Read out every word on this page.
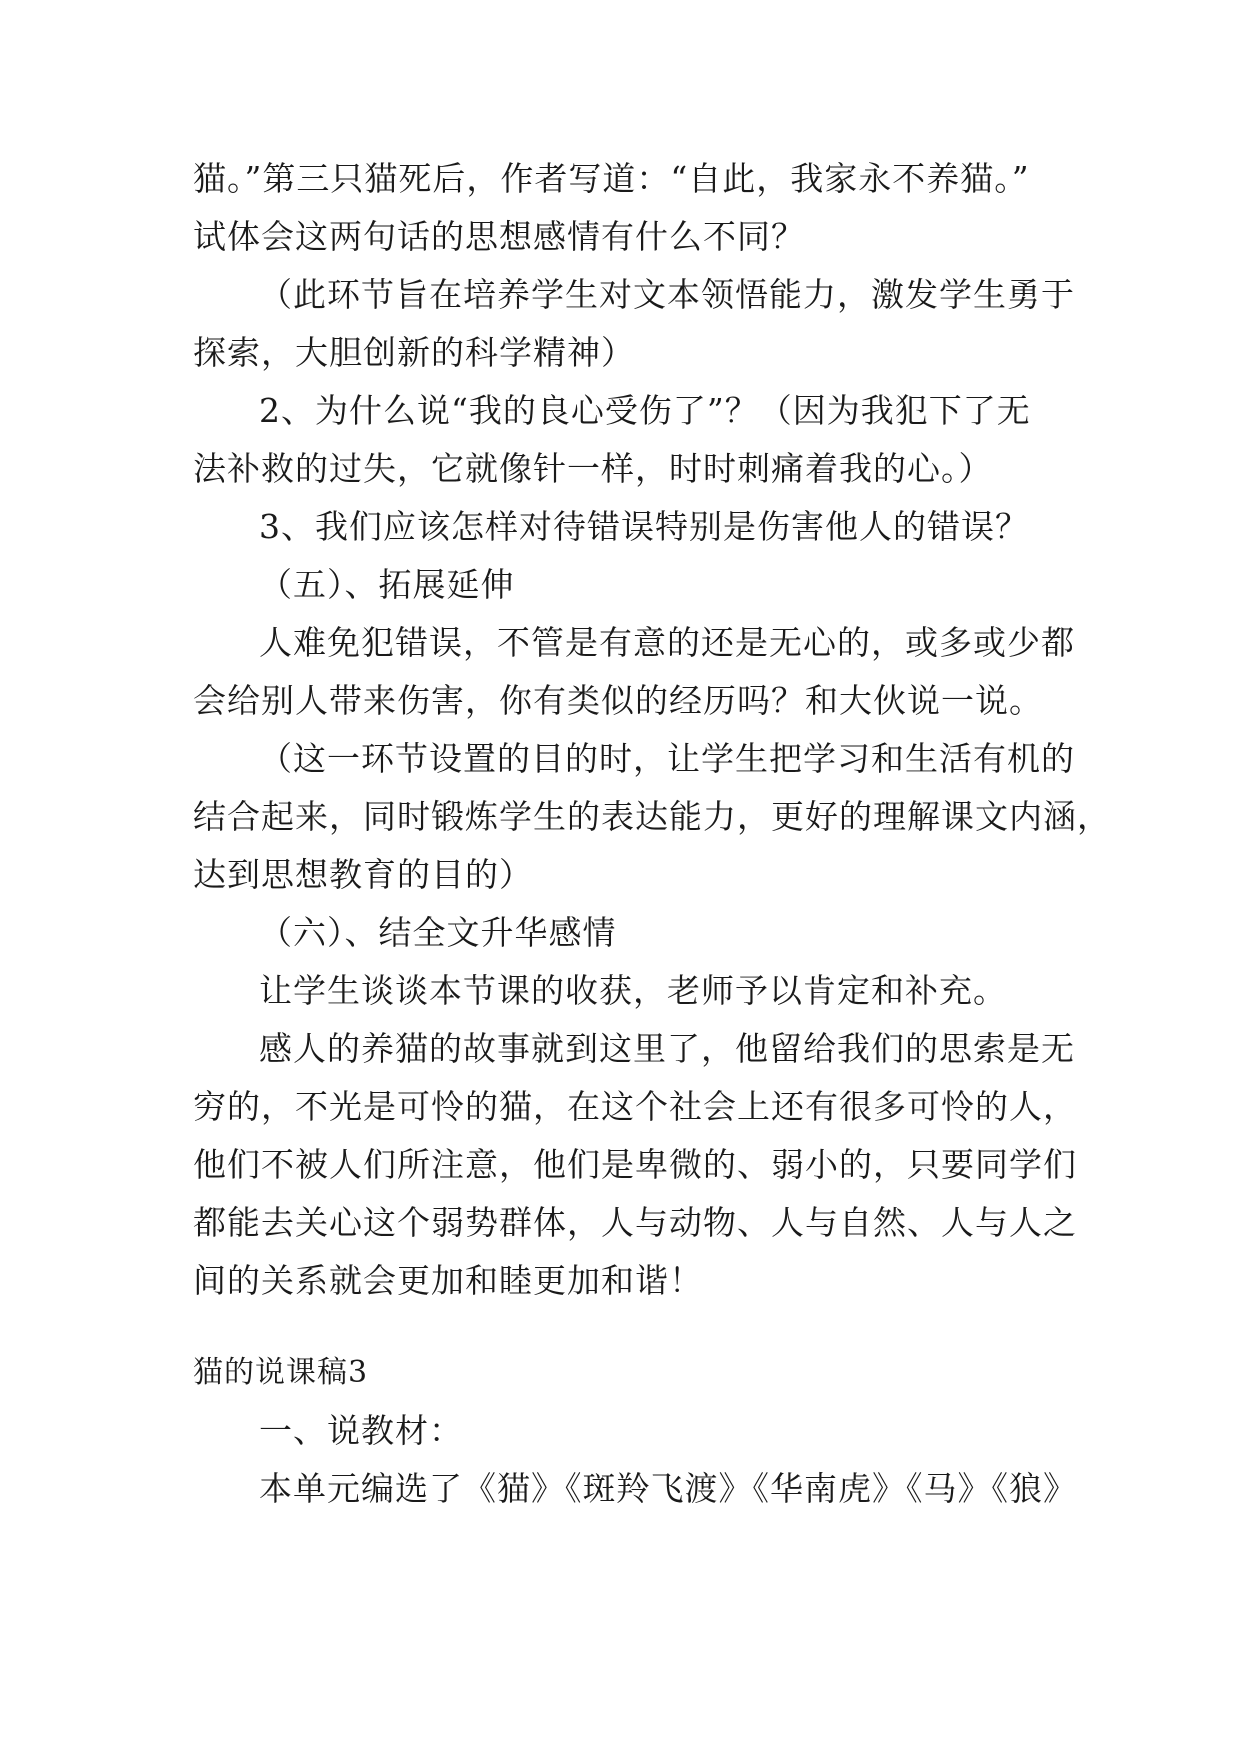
猫。”第三只猫死后，作者写道：“自此，我家永不养猫。”
试体会这两句话的思想感情有什么不同？
（此环节旨在培养学生对文本领悟能力，激发学生勇于
探索，大胆创新的科学精神）
2、为什么说“我的良心受伤了”？（因为我犯下了无
法补救的过失，它就像针一样，时时刺痛着我的心。）
3、我们应该怎样对待错误特别是伤害他人的错误？
（五）、拓展延伸
人难免犯错误，不管是有意的还是无心的，或多或少都
会给别人带来伤害，你有类似的经历吗？和大伙说一说。
（这一环节设置的目的时，让学生把学习和生活有机的
结合起来，同时锻炼学生的表达能力，更好的理解课文内涵，
达到思想教育的目的）
（六）、结全文升华感情
让学生谈谈本节课的收获，老师予以肯定和补充。
感人的养猫的故事就到这里了，他留给我们的思索是无
穷的，不光是可怜的猫，在这个社会上还有很多可怜的人，
他们不被人们所注意，他们是卑微的、弱小的，只要同学们
都能去关心这个弱势群体，人与动物、人与自然、人与人之
间的关系就会更加和睦更加和谐！
猫的说课稿3
一、说教材：
本单元编选了《猫》《斑羚飞渡》《华南虎》《马》《狼》
